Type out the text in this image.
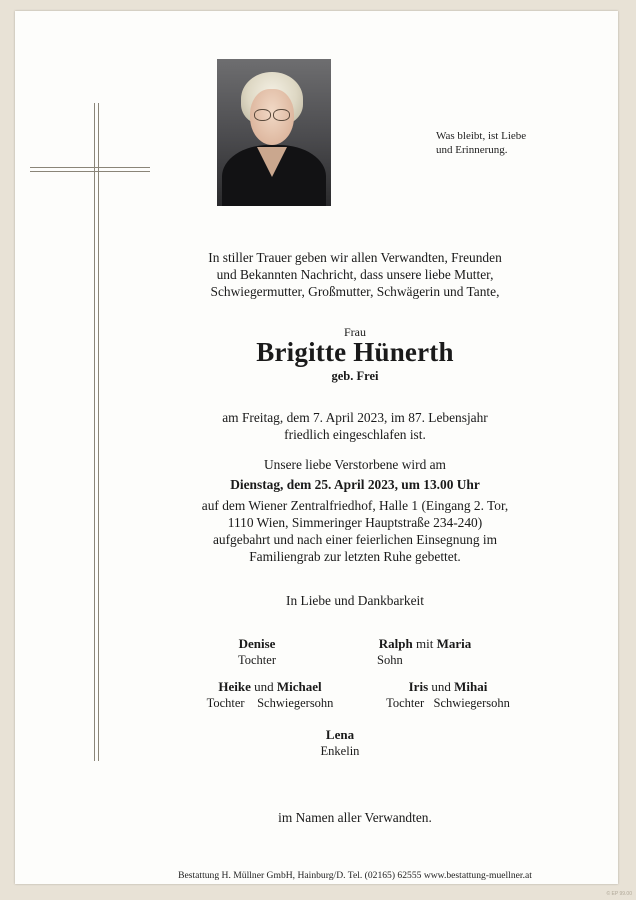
Was bleibt, ist Liebe
und Erinnerung.
In stiller Trauer geben wir allen Verwandten, Freunden
und Bekannten Nachricht, dass unsere liebe Mutter,
Schwiegermutter, Großmutter, Schwägerin und Tante,
Frau
Brigitte Hünerth
geb. Frei
am Freitag, dem 7. April 2023, im 87. Lebensjahr
friedlich eingeschlafen ist.
Unsere liebe Verstorbene wird am
Dienstag, dem 25. April 2023, um 13.00 Uhr
auf dem Wiener Zentralfriedhof, Halle 1 (Eingang 2. Tor,
1110 Wien, Simmeringer Hauptstraße 234-240)
aufgebahrt und nach einer feierlichen Einsegnung im
Familiengrab zur letzten Ruhe gebettet.
In Liebe und Dankbarkeit
Denise
Tochter
Ralph mit Maria
Sohn
Heike und Michael
Tochter Schwiegersohn
Iris und Mihai
Tochter Schwiegersohn
Lena
Enkelin
im Namen aller Verwandten.
Bestattung H. Müllner GmbH, Hainburg/D. Tel. (02165) 62555 www.bestattung-muellner.at
© EP 99.00
